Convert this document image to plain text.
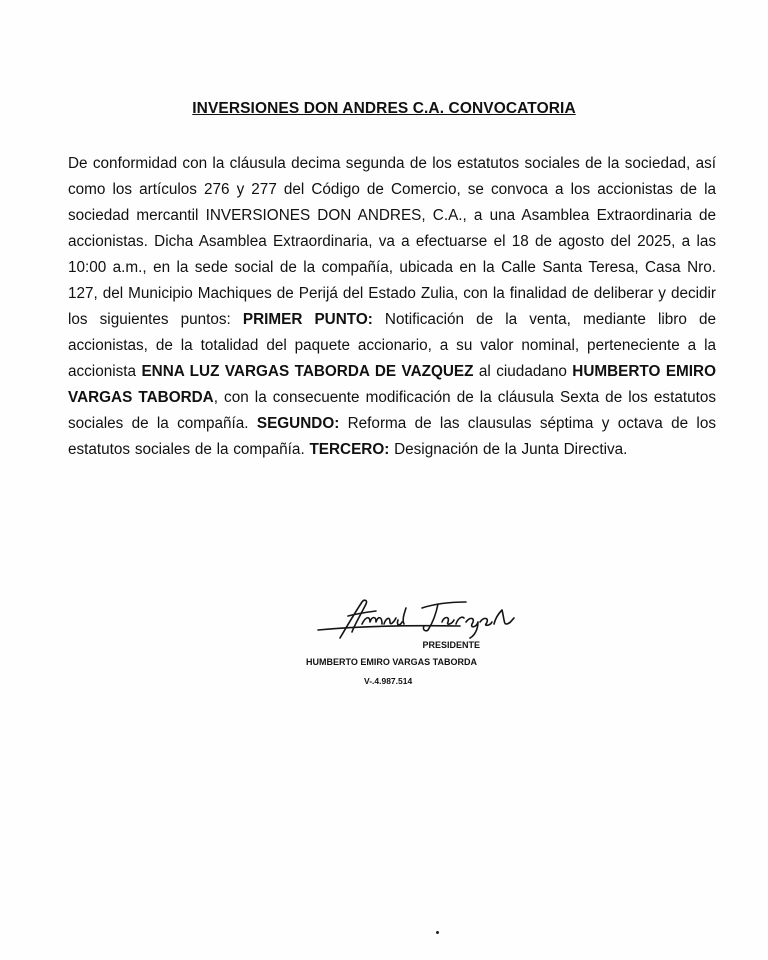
INVERSIONES DON ANDRES C.A. CONVOCATORIA
De conformidad con la cláusula decima segunda de los estatutos sociales de la sociedad, así como los artículos 276 y 277 del Código de Comercio, se convoca a los accionistas de la sociedad mercantil INVERSIONES DON ANDRES, C.A., a una Asamblea Extraordinaria de accionistas. Dicha Asamblea Extraordinaria, va a efectuarse el 18 de agosto del 2025, a las 10:00 a.m., en la sede social de la compañía, ubicada en la Calle Santa Teresa, Casa Nro. 127, del Municipio Machiques de Perijá del Estado Zulia, con la finalidad de deliberar y decidir los siguientes puntos: PRIMER PUNTO: Notificación de la venta, mediante libro de accionistas, de la totalidad del paquete accionario, a su valor nominal, perteneciente a la accionista ENNA LUZ VARGAS TABORDA DE VAZQUEZ al ciudadano HUMBERTO EMIRO VARGAS TABORDA, con la consecuente modificación de la cláusula Sexta de los estatutos sociales de la compañía. SEGUNDO: Reforma de las clausulas séptima y octava de los estatutos sociales de la compañía. TERCERO: Designación de la Junta Directiva.
PRESIDENTE
HUMBERTO EMIRO VARGAS TABORDA
V-.4.987.514
